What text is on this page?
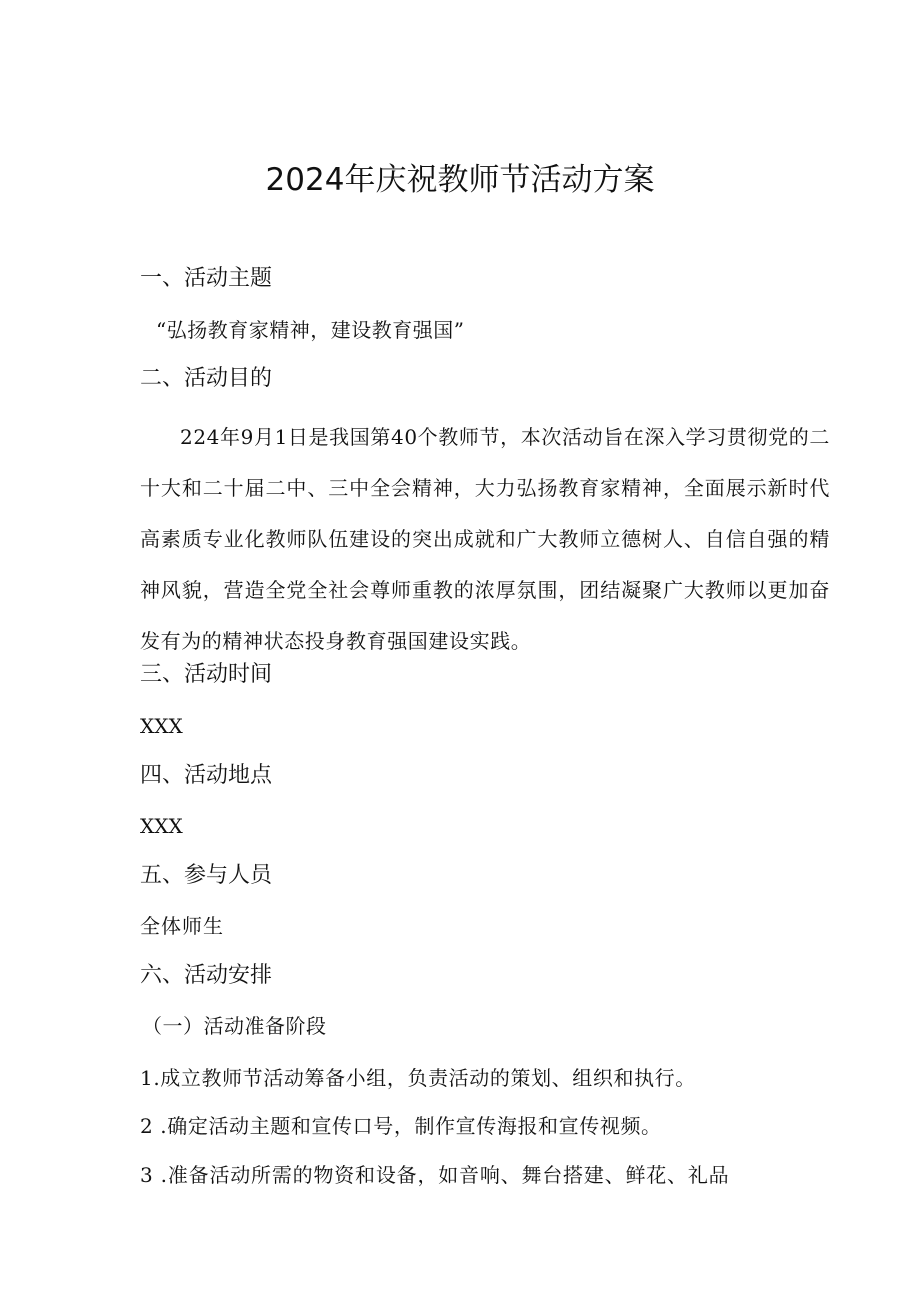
2024年庆祝教师节活动方案
一、活动主题
“弘扬教育家精神，建设教育强国”
二、活动目的
224年9月1日是我国第40个教师节，本次活动旨在深入学习贯彻党的二十大和二十届二中、三中全会精神，大力弘扬教育家精神，全面展示新时代高素质专业化教师队伍建设的突出成就和广大教师立德树人、自信自强的精神风貌，营造全党全社会尊师重教的浓厚氛围，团结凝聚广大教师以更加奋发有为的精神状态投身教育强国建设实践。
三、活动时间
XXX
四、活动地点
XXX
五、参与人员
全体师生
六、活动安排
（一）活动准备阶段
1.成立教师节活动筹备小组，负责活动的策划、组织和执行。
2 .确定活动主题和宣传口号，制作宣传海报和宣传视频。
3 .准备活动所需的物资和设备，如音响、舞台搭建、鲜花、礼品
